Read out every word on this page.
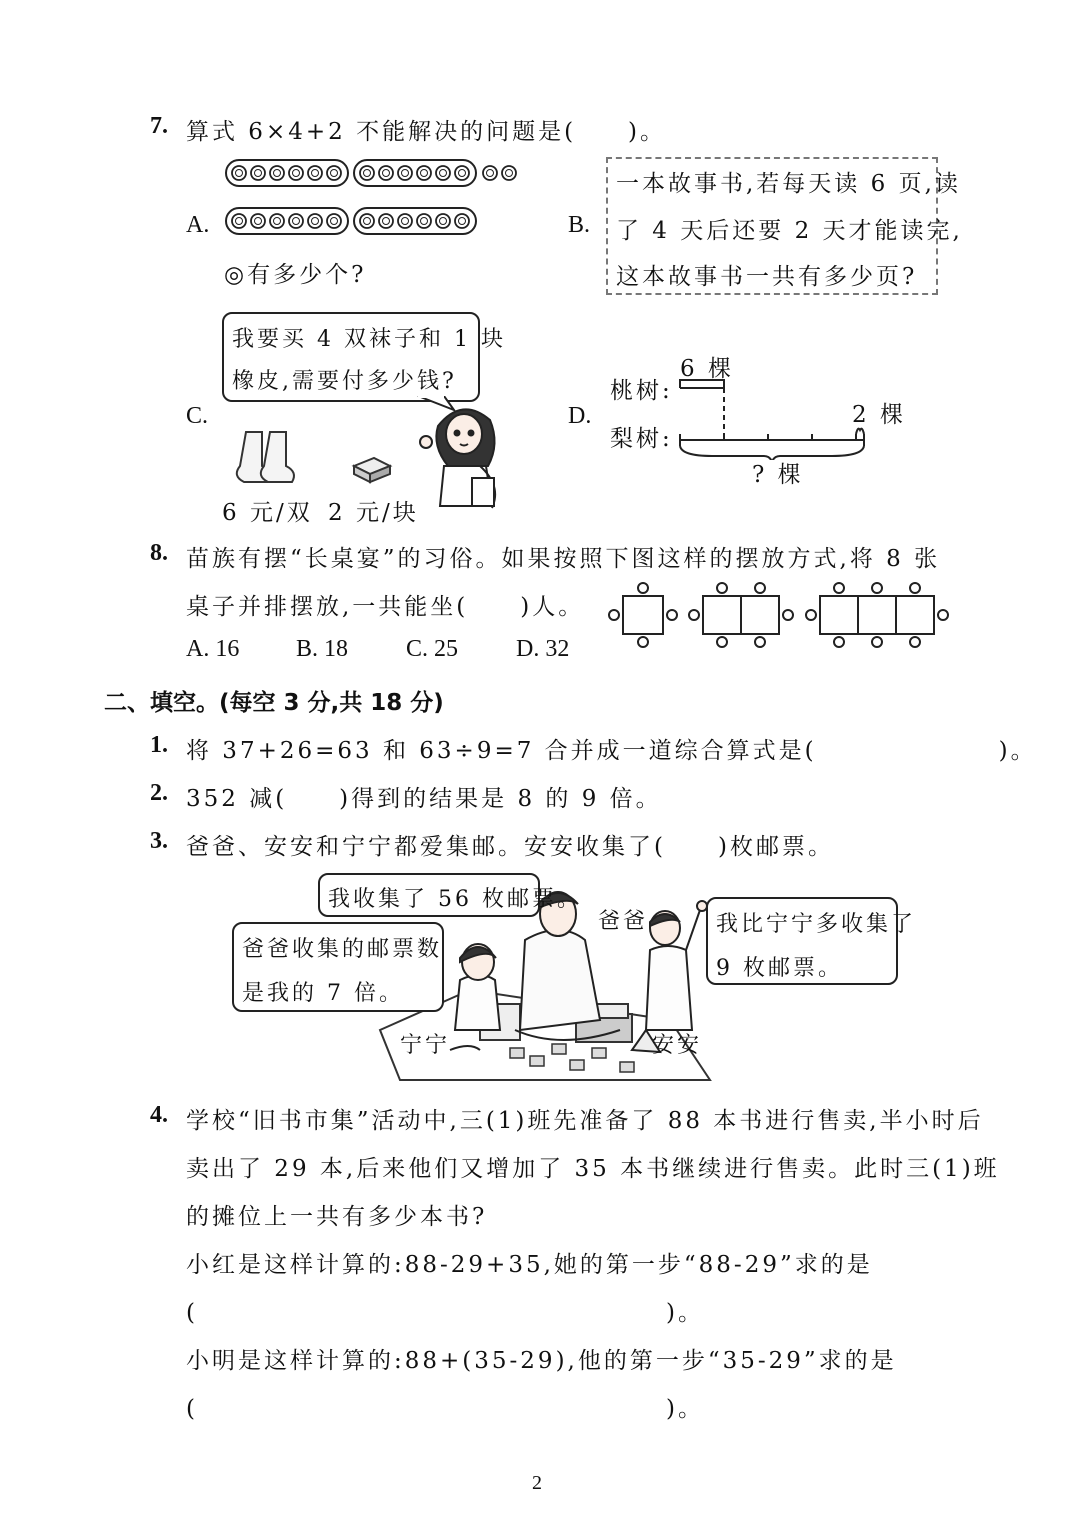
7. 算式 6×4+2 不能解决的问题是(　　)。
A.
◎有多少个?
B.
一本故事书,若每天读 6 页,读
了 4 天后还要 2 天才能读完,
这本故事书一共有多少页?
C.
我要买 4 双袜子和 1 块
橡皮,需要付多少钱?
6 元/双 2 元/块
D.
桃树:
梨树:
6 棵
2 棵
? 棵
8. 苗族有摆“长桌宴”的习俗。如果按照下图这样的摆放方式,将 8 张
桌子并排摆放,一共能坐(　　)人。
A. 16 B. 18 C. 25 D. 32
二、填空。(每空 3 分,共 18 分)
1. 将 37+26=63 和 63÷9=7 合并成一道综合算式是(　　　　　　　)。
2. 352 减(　　)得到的结果是 8 的 9 倍。
3. 爸爸、安安和宁宁都爱集邮。安安收集了(　　)枚邮票。
我收集了 56 枚邮票。
爸爸收集的邮票数
是我的 7 倍。
我比宁宁多收集了
9 枚邮票。
爸爸
宁宁	安安
4. 学校“旧书市集”活动中,三(1)班先准备了 88 本书进行售卖,半小时后
卖出了 29 本,后来他们又增加了 35 本书继续进行售卖。此时三(1)班
的摊位上一共有多少本书?
小红是这样计算的:88-29+35,她的第一步“88-29”求的是
(　　　　　　　　　　　　　　　　　　)。
小明是这样计算的:88+(35-29),他的第一步“35-29”求的是
(　　　　　　　　　　　　　　　　　　)。
2
